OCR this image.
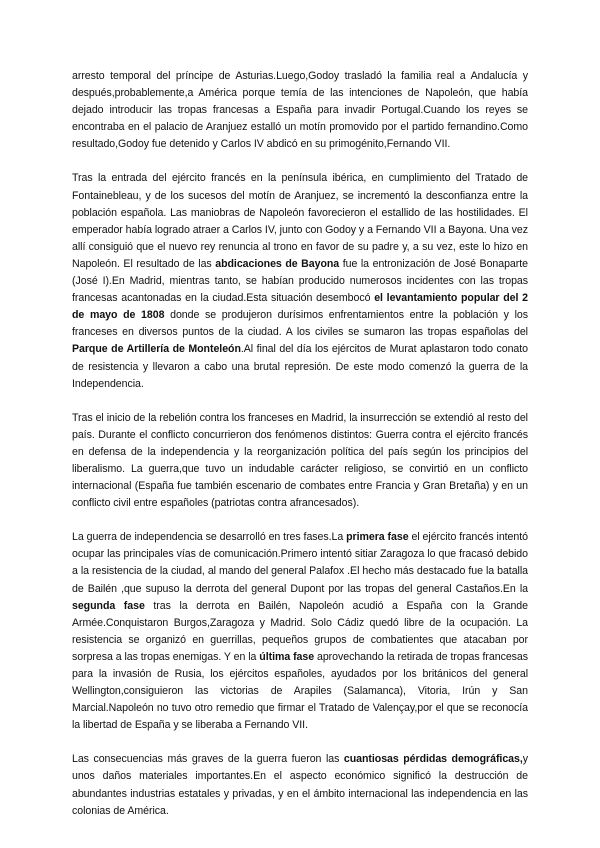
arresto temporal del príncipe de Asturias.Luego,Godoy trasladó la familia real a Andalucía y después,probablemente,a América porque temía de las intenciones de Napoleón, que había dejado introducir las tropas francesas a España para invadir Portugal.Cuando los reyes se encontraba en el palacio de Aranjuez estalló un motín promovido por el partido fernandino.Como resultado,Godoy fue detenido y Carlos IV abdicó en su primogénito,Fernando VII.

Tras la entrada del ejército francés en la península ibérica, en cumplimiento del Tratado de Fontainebleau, y de los sucesos del motín de Aranjuez, se incrementó la desconfianza entre la población española. Las maniobras de Napoleón favorecieron el estallido de las hostilidades. El emperador había logrado atraer a Carlos IV, junto con Godoy y a Fernando VII a Bayona. Una vez allí consiguió que el nuevo rey renuncia al trono en favor de su padre y, a su vez, este lo hizo en Napoleón. El resultado de las abdicaciones de Bayona fue la entronización de José Bonaparte (José I).En Madrid, mientras tanto, se habían producido numerosos incidentes con las tropas francesas acantonadas en la ciudad.Esta situación desembocó el levantamiento popular del 2 de mayo de 1808 donde se produjeron durísimos enfrentamientos entre la población y los franceses en diversos puntos de la ciudad. A los civiles se sumaron las tropas españolas del Parque de Artillería de Monteleón.Al final del día los ejércitos de Murat aplastaron todo conato de resistencia y llevaron a cabo una brutal represión. De este modo comenzó la guerra de la Independencia.

Tras el inicio de la rebelión contra los franceses en Madrid, la insurrección se extendió al resto del país. Durante el conflicto concurrieron dos fenómenos distintos: Guerra contra el ejército francés en defensa de la independencia y la reorganización política del país según los principios del liberalismo. La guerra,que tuvo un indudable carácter religioso, se convirtió en un conflicto internacional (España fue también escenario de combates entre Francia y Gran Bretaña) y en un conflicto civil entre españoles (patriotas contra afrancesados).

La guerra de independencia se desarrolló en tres fases.La primera fase el ejército francés intentó ocupar las principales vías de comunicación.Primero intentó sitiar Zaragoza lo que fracasó debido a la resistencia de la ciudad, al mando del general Palafox .El hecho más destacado fue la batalla de Bailén ,que supuso la derrota del general Dupont por las tropas del general Castaños.En la segunda fase tras la derrota en Bailén, Napoleón acudió a España con la Grande Armée.Conquistaron Burgos,Zaragoza y Madrid. Solo Cádiz quedó libre de la ocupación. La resistencia se organizó en guerrillas, pequeños grupos de combatientes que atacaban por sorpresa a las tropas enemigas. Y en la última fase aprovechando la retirada de tropas francesas para la invasión de Rusia, los ejércitos españoles, ayudados por los británicos del general Wellington,consiguieron las victorias de Arapiles (Salamanca), Vitoria, Irún y San Marcial.Napoleón no tuvo otro remedio que firmar el Tratado de Valençay,por el que se reconocía la libertad de España y se liberaba a Fernando VII.

Las consecuencias más graves de la guerra fueron las cuantiosas pérdidas demográficas,y unos daños materiales importantes.En el aspecto económico significó la destrucción de abundantes industrias estatales y privadas, y en el ámbito internacional las independencia en las colonias de América.
